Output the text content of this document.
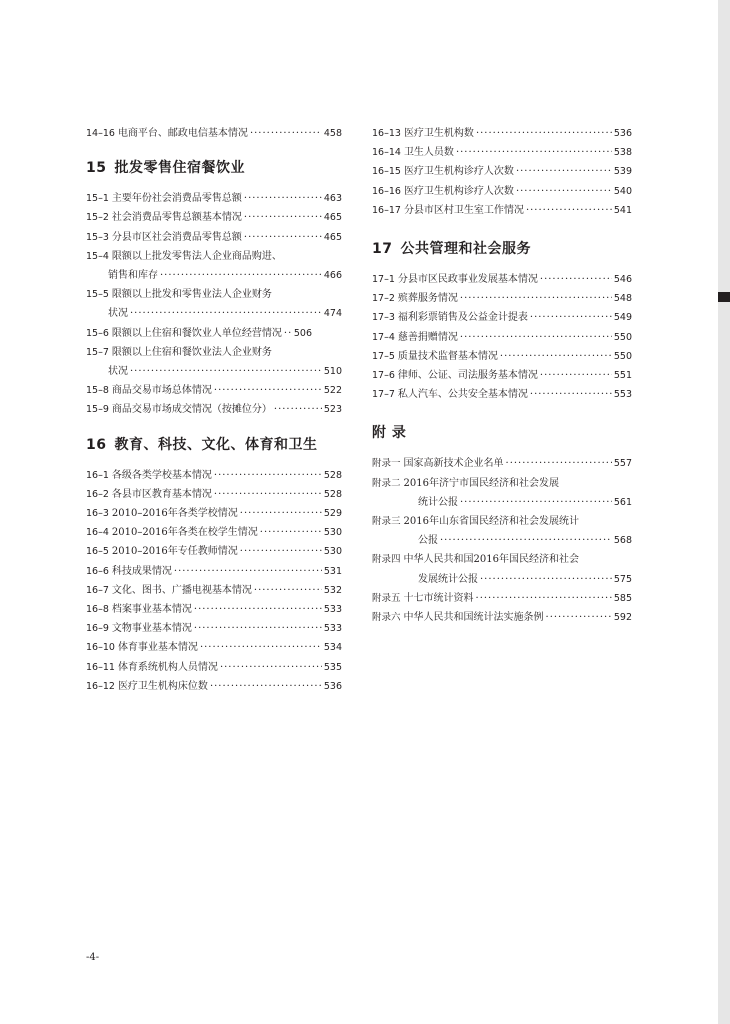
14–16 电商平台、邮政电信基本情况 ·····	458
15 批发零售住宿餐饮业
15–1 主要年份社会消费品零售总额 ·····	463
15–2 社会消费品零售总额基本情况 ·····	465
15–3 分县市区社会消费品零售总额 ·····	465
15–4 限额以上批发零售法人企业商品购进、
销售和库存 ·····	466
15–5 限额以上批发和零售业法人企业财务
状况 ·····	474
15–6 限额以上住宿和餐饮业人单位经营情况 ····· 506
15–7 限额以上住宿和餐饮业法人企业财务
状况 ·····	510
15–8 商品交易市场总体情况 ·····	522
15–9 商品交易市场成交情况（按摊位分） ·····	523
16 教育、科技、文化、体育和卫生
16–1 各级各类学校基本情况 ·····	528
16–2 各县市区教育基本情况 ·····	528
16–3 2010–2016年各类学校情况 ·····	529
16–4 2010–2016年各类在校学生情况 ·····	530
16–5 2010–2016年专任教师情况 ·····	530
16–6 科技成果情况 ·····	531
16–7 文化、图书、广播电视基本情况 ·····	532
16–8 档案事业基本情况 ·····	533
16–9 文物事业基本情况 ·····	533
16–10 体育事业基本情况 ·····	534
16–11 体育系统机构人员情况 ·····	535
16–12 医疗卫生机构床位数 ·····	536
16–13 医疗卫生机构数 ·····	536
16–14 卫生人员数 ·····	538
16–15 医疗卫生机构诊疗人次数 ·····	539
16–16 医疗卫生机构诊疗人次数 ·····	540
16–17 分县市区村卫生室工作情况 ·····	541
17 公共管理和社会服务
17–1 分县市区民政事业发展基本情况 ·····	546
17–2 殡葬服务情况 ·····	548
17–3 福利彩票销售及公益金计提表 ·····	549
17–4 慈善捐赠情况 ·····	550
17–5 质量技术监督基本情况 ·····	550
17–6 律师、公证、司法服务基本情况 ·····	551
17–7 私人汽车、公共安全基本情况 ·····	553
附 录
附录一 国家高新技术企业名单 ·····	557
附录二 2016年济宁市国民经济和社会发展
统计公报 ·····	561
附录三 2016年山东省国民经济和社会发展统计
公报 ·····	568
附录四 中华人民共和国2016年国民经济和社会
发展统计公报 ·····	575
附录五 十七市统计资料 ·····	585
附录六 中华人民共和国统计法实施条例 ·····	592
-4-
